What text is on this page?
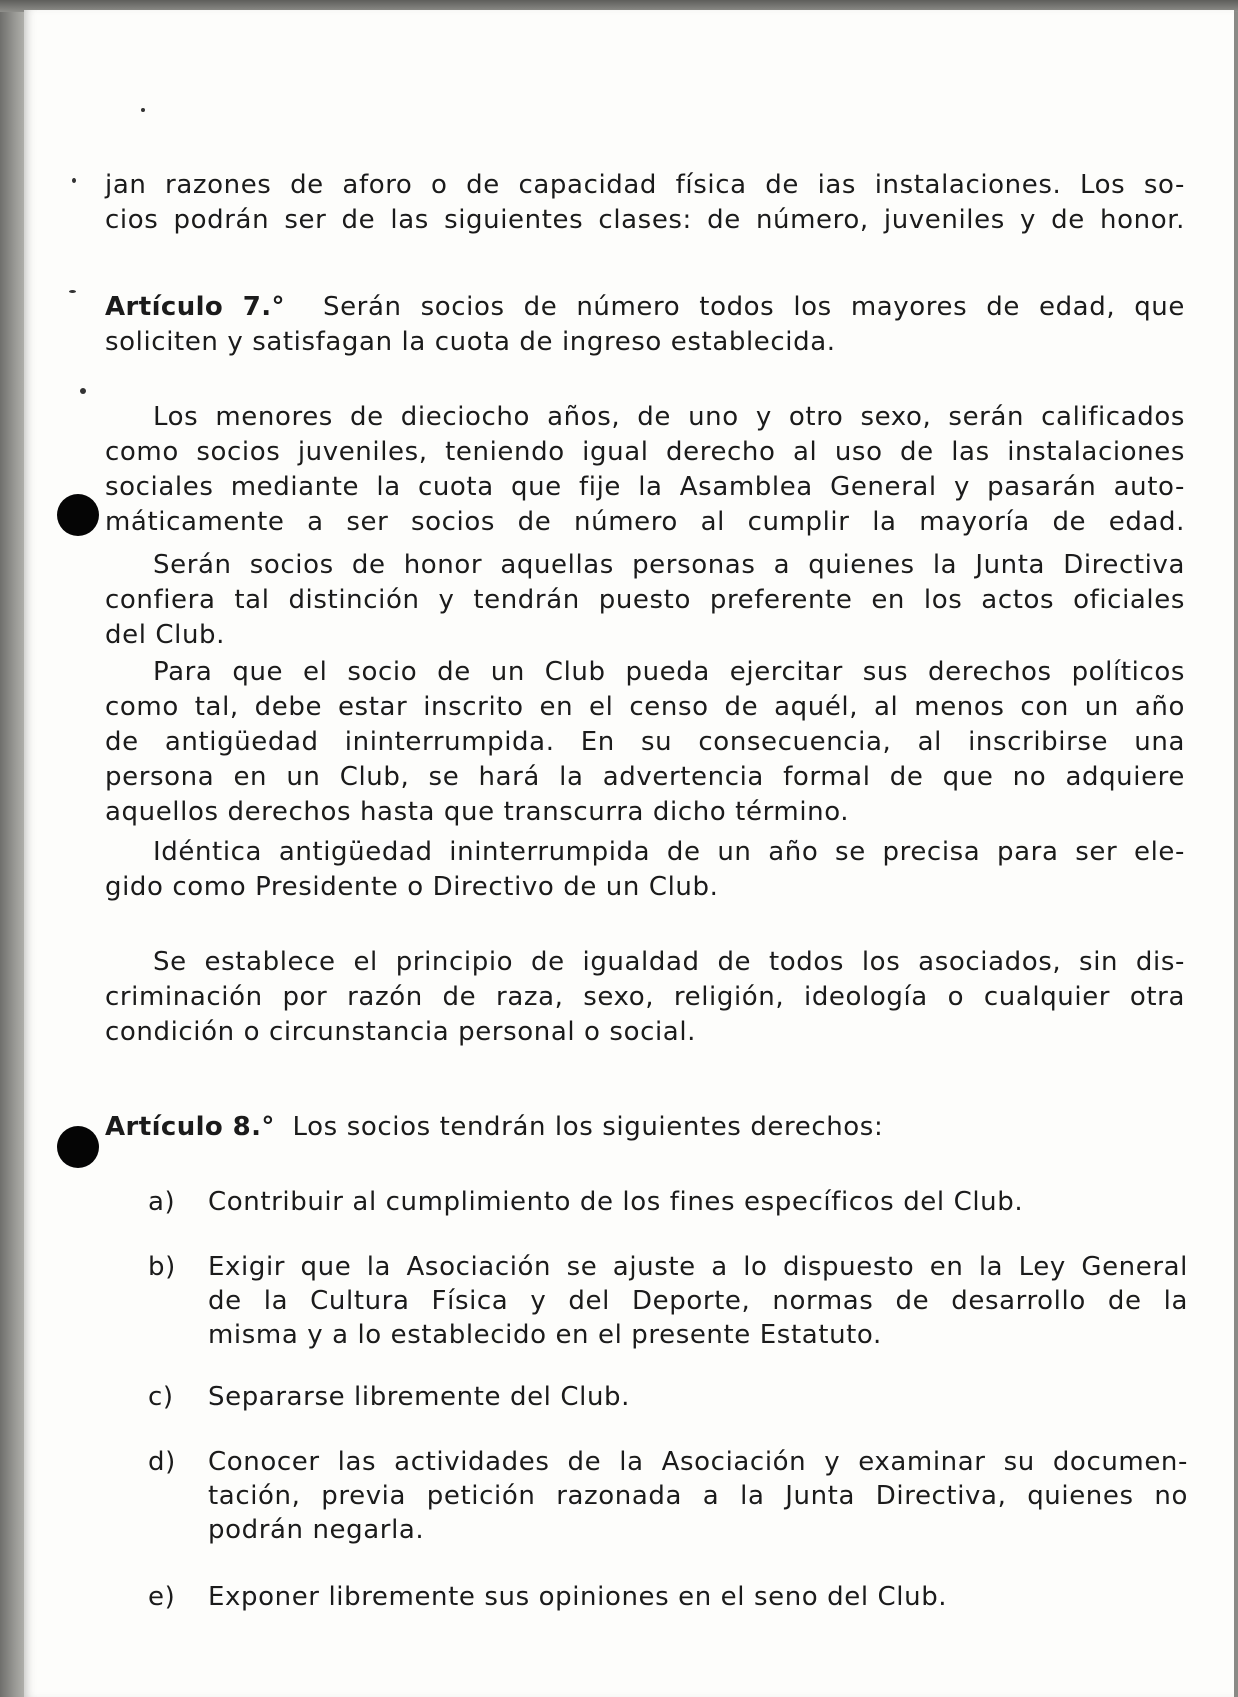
jan razones de aforo o de capacidad física de ias instalaciones. Los so-
cios podrán ser de las siguientes clases: de número, juveniles y de honor.
Artículo 7.° Serán socios de número todos los mayores de edad, que
soliciten y satisfagan la cuota de ingreso establecida.
Los menores de dieciocho años, de uno y otro sexo, serán calificados
como socios juveniles, teniendo igual derecho al uso de las instalaciones
sociales mediante la cuota que fije la Asamblea General y pasarán auto-
máticamente a ser socios de número al cumplir la mayoría de edad.
Serán socios de honor aquellas personas a quienes la Junta Directiva
confiera tal distinción y tendrán puesto preferente en los actos oficiales
del Club.
Para que el socio de un Club pueda ejercitar sus derechos políticos
como tal, debe estar inscrito en el censo de aquél, al menos con un año
de antigüedad ininterrumpida. En su consecuencia, al inscribirse una
persona en un Club, se hará la advertencia formal de que no adquiere
aquellos derechos hasta que transcurra dicho término.
Idéntica antigüedad ininterrumpida de un año se precisa para ser ele-
gido como Presidente o Directivo de un Club.
Se establece el principio de igualdad de todos los asociados, sin dis-
criminación por razón de raza, sexo, religión, ideología o cualquier otra
condición o circunstancia personal o social.
Artículo 8.° Los socios tendrán los siguientes derechos:
a)	Contribuir al cumplimiento de los fines específicos del Club.
b)	Exigir que la Asociación se ajuste a lo dispuesto en la Ley General
de la Cultura Física y del Deporte, normas de desarrollo de la
misma y a lo establecido en el presente Estatuto.
c)	Separarse libremente del Club.
d)	Conocer las actividades de la Asociación y examinar su documen-
tación, previa petición razonada a la Junta Directiva, quienes no
podrán negarla.
e)	Exponer libremente sus opiniones en el seno del Club.
